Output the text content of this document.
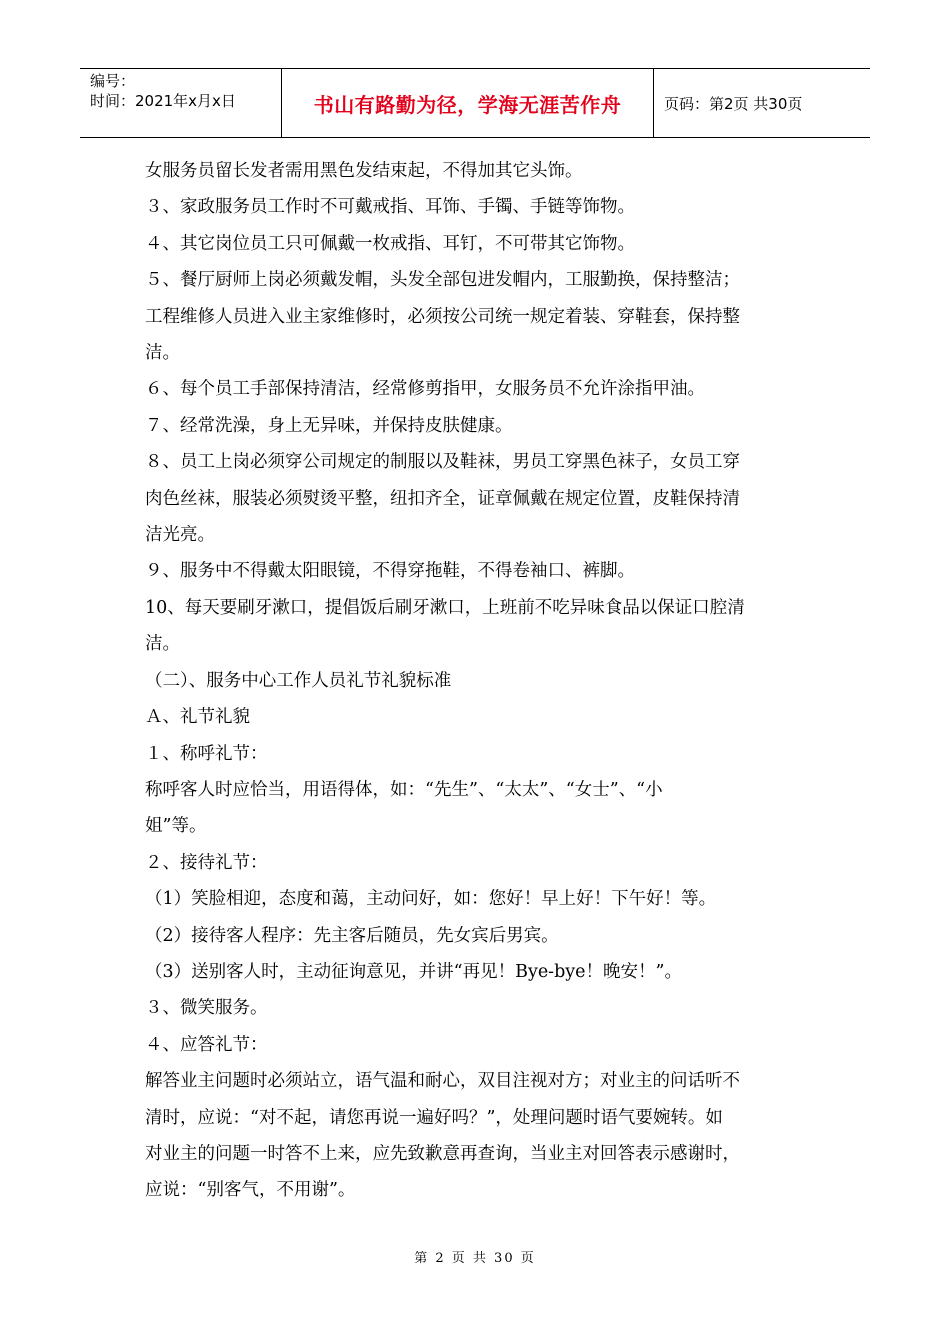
编号：
时间：2021年x月x日	书山有路勤为径，学海无涯苦作舟	页码：第2页 共30页

女服务员留长发者需用黑色发结束起，不得加其它头饰。

３、家政服务员工作时不可戴戒指、耳饰、手镯、手链等饰物。

４、其它岗位员工只可佩戴一枚戒指、耳钉，不可带其它饰物。

５、餐厅厨师上岗必须戴发帽，头发全部包进发帽内，工服勤换，保持整洁；

工程维修人员进入业主家维修时，必须按公司统一规定着装、穿鞋套，保持整

洁。

６、每个员工手部保持清洁，经常修剪指甲，女服务员不允许涂指甲油。

７、经常洗澡，身上无异味，并保持皮肤健康。

８、员工上岗必须穿公司规定的制服以及鞋袜，男员工穿黑色袜子，女员工穿

肉色丝袜，服装必须熨烫平整，纽扣齐全，证章佩戴在规定位置，皮鞋保持清

洁光亮。

９、服务中不得戴太阳眼镜，不得穿拖鞋，不得卷袖口、裤脚。

10、每天要刷牙漱口，提倡饭后刷牙漱口，上班前不吃异味食品以保证口腔清

洁。

（二）、服务中心工作人员礼节礼貌标准

Ａ、礼节礼貌

１、称呼礼节：

称呼客人时应恰当，用语得体，如：“先生”、“太太”、“女士”、“小

姐”等。

２、接待礼节：

（1）笑脸相迎，态度和蔼，主动问好，如：您好！早上好！下午好！等。

（2）接待客人程序：先主客后随员，先女宾后男宾。

（3）送别客人时，主动征询意见，并讲“再见！Bye-bye！晚安！”。

３、微笑服务。

４、应答礼节：

解答业主问题时必须站立，语气温和耐心，双目注视对方；对业主的问话听不

清时，应说：“对不起，请您再说一遍好吗？”，处理问题时语气要婉转。如

对业主的问题一时答不上来，应先致歉意再查询，当业主对回答表示感谢时，

应说：“别客气，不用谢”。

第 2 页 共 30 页
